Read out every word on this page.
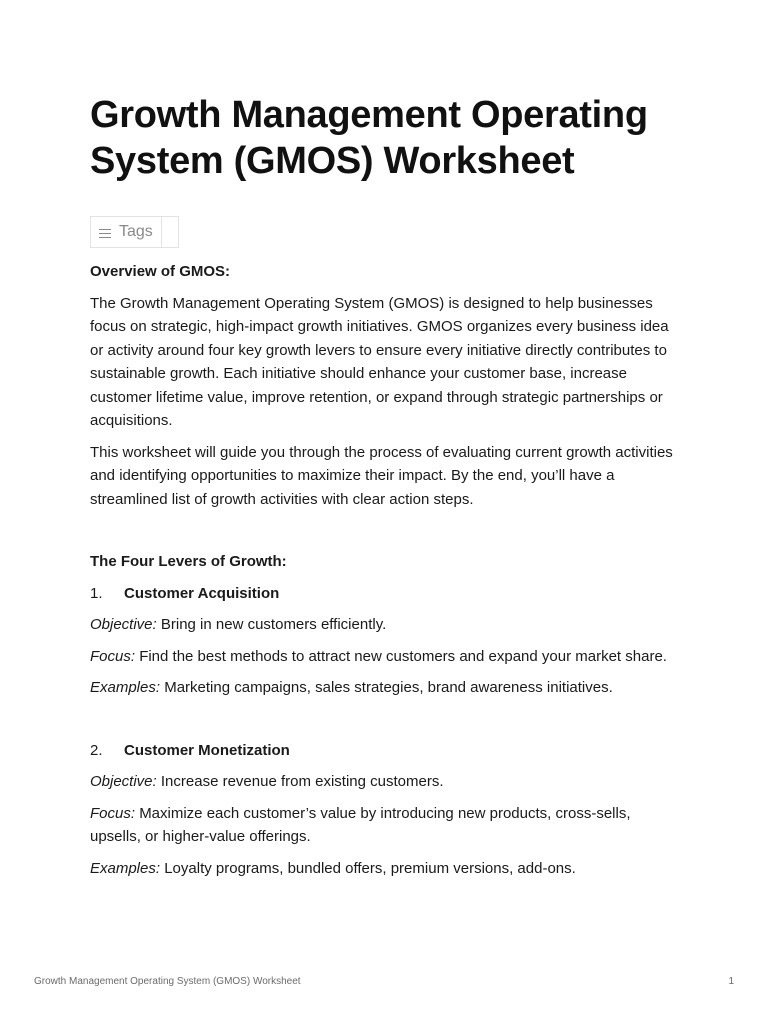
Growth Management Operating System (GMOS) Worksheet
Tags

Overview of GMOS:

The Growth Management Operating System (GMOS) is designed to help businesses focus on strategic, high-impact growth initiatives. GMOS organizes every business idea or activity around four key growth levers to ensure every initiative directly contributes to sustainable growth. Each initiative should enhance your customer base, increase customer lifetime value, improve retention, or expand through strategic partnerships or acquisitions.

This worksheet will guide you through the process of evaluating current growth activities and identifying opportunities to maximize their impact. By the end, you’ll have a streamlined list of growth activities with clear action steps.

The Four Levers of Growth:

1.	Customer Acquisition

Objective: Bring in new customers efficiently.

Focus: Find the best methods to attract new customers and expand your market share.

Examples: Marketing campaigns, sales strategies, brand awareness initiatives.

2.	Customer Monetization

Objective: Increase revenue from existing customers.

Focus: Maximize each customer’s value by introducing new products, cross-sells, upsells, or higher-value offerings.

Examples: Loyalty programs, bundled offers, premium versions, add-ons.

Growth Management Operating System (GMOS) Worksheet	1
